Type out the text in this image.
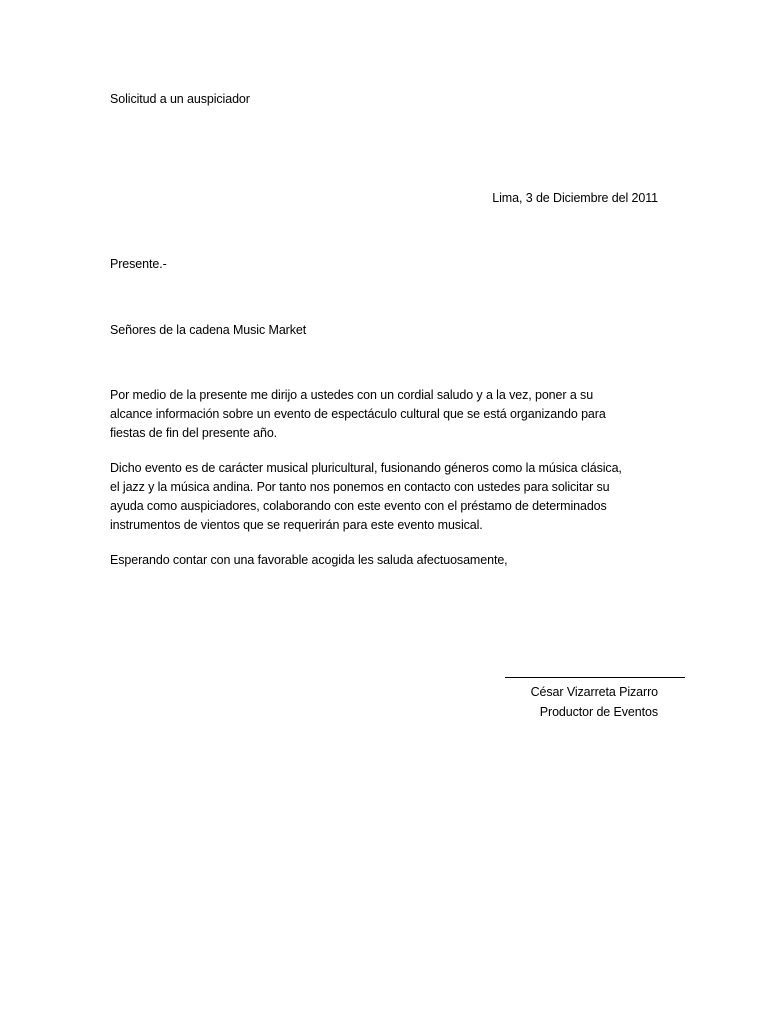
Solicitud a un auspiciador
Lima, 3 de Diciembre del 2011
Presente.-
Señores de la cadena Music Market
Por medio de la presente me dirijo a ustedes con un cordial saludo y a la vez, poner a su
alcance información sobre un evento de espectáculo cultural que se está organizando para
fiestas de fin del presente año.
Dicho evento es de carácter musical pluricultural, fusionando géneros como la música clásica,
el jazz y la música andina. Por tanto nos ponemos en contacto con ustedes para solicitar su
ayuda como auspiciadores, colaborando con este evento con el préstamo de determinados
instrumentos de vientos que se requerirán para este evento musical.
Esperando contar con una favorable acogida les saluda afectuosamente,
César Vizarreta Pizarro
Productor de Eventos
